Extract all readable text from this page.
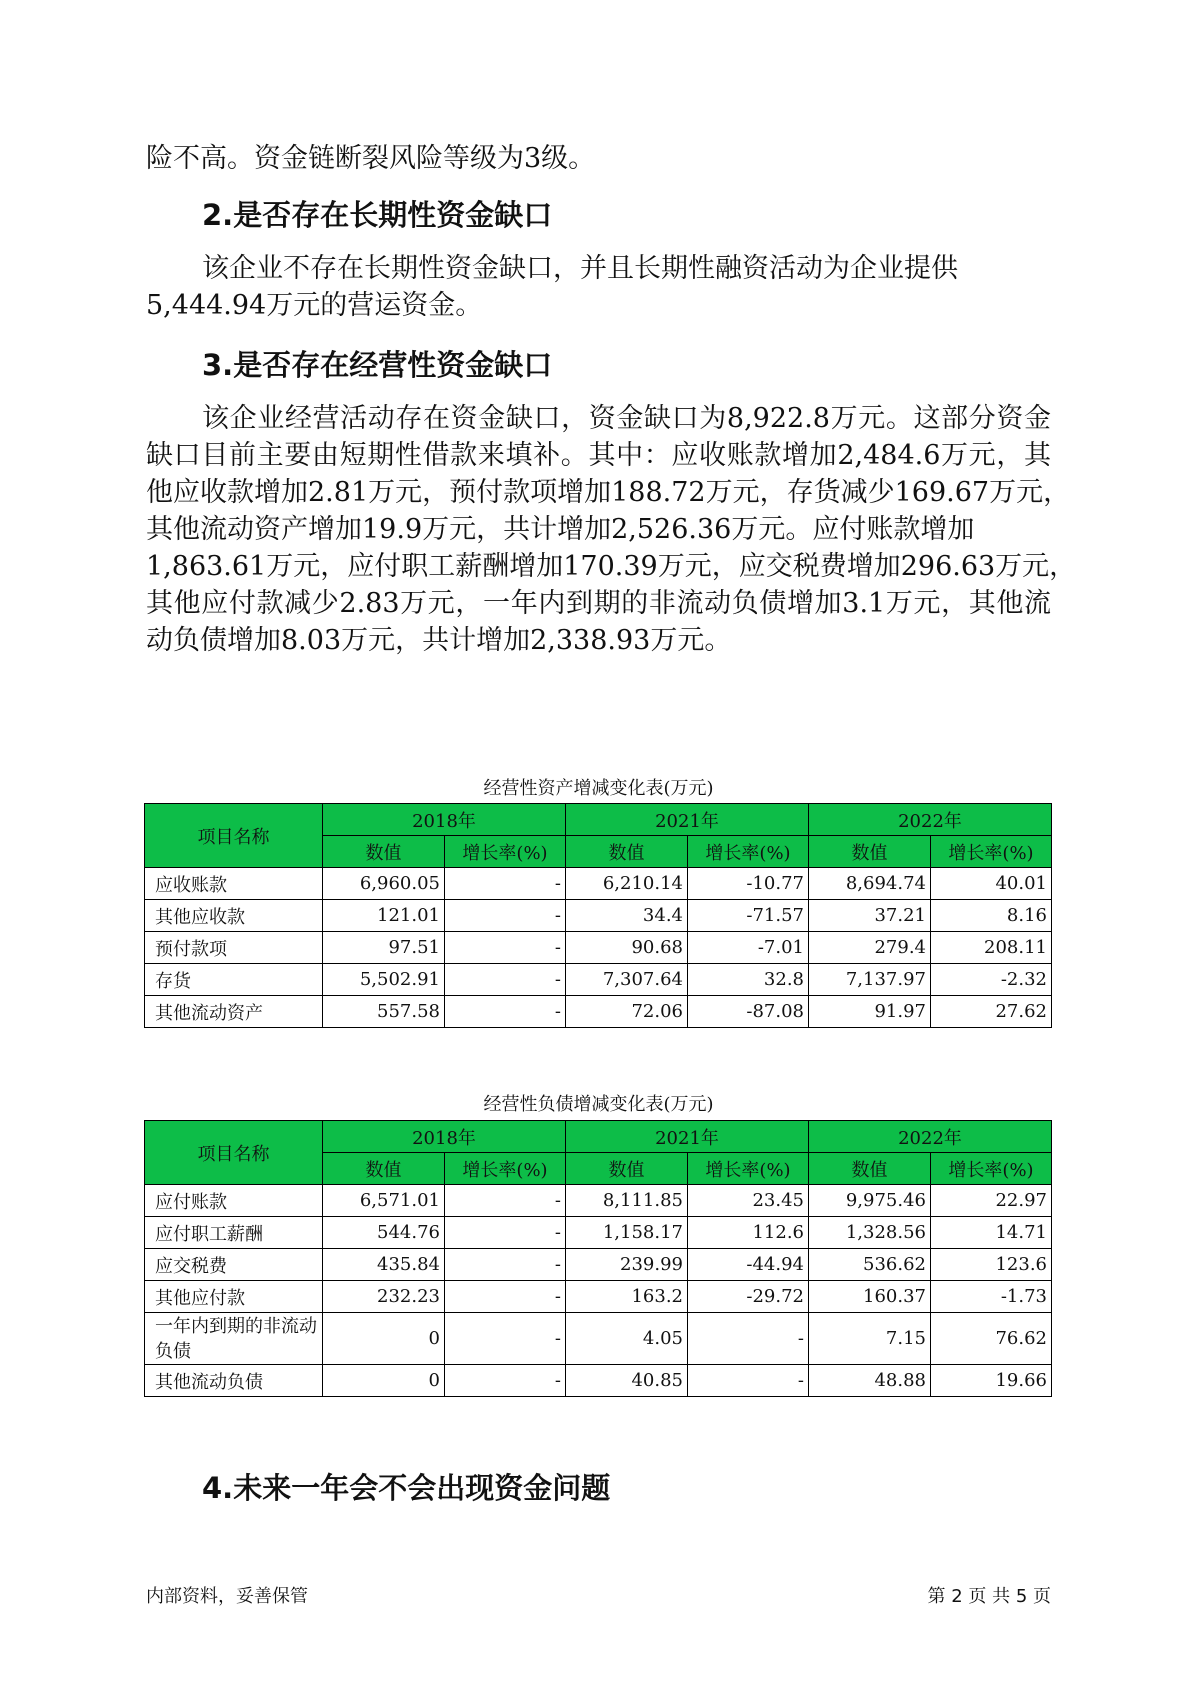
险不高。资金链断裂风险等级为3级。

2.是否存在长期性资金缺口

该企业不存在长期性资金缺口，并且长期性融资活动为企业提供
5,444.94万元的营运资金。

3.是否存在经营性资金缺口

该企业经营活动存在资金缺口，资金缺口为8,922.8万元。这部分资金
缺口目前主要由短期性借款来填补。其中：应收账款增加2,484.6万元，其
他应收款增加2.81万元，预付款项增加188.72万元，存货减少169.67万元，
其他流动资产增加19.9万元，共计增加2,526.36万元。应付账款增加
1,863.61万元，应付职工薪酬增加170.39万元，应交税费增加296.63万元，
其他应付款减少2.83万元，一年内到期的非流动负债增加3.1万元，其他流
动负债增加8.03万元，共计增加2,338.93万元。

经营性资产增减变化表(万元)
项目名称	2018年		2021年		2022年	
	数值	增长率(%)	数值	增长率(%)	数值	增长率(%)
应收账款	6,960.05	-	6,210.14	-10.77	8,694.74	40.01
其他应收款	121.01	-	34.4	-71.57	37.21	8.16
预付款项	97.51	-	90.68	-7.01	279.4	208.11
存货	5,502.91	-	7,307.64	32.8	7,137.97	-2.32
其他流动资产	557.58	-	72.06	-87.08	91.97	27.62
经营性负债增减变化表(万元)
项目名称	2018年		2021年		2022年	
	数值	增长率(%)	数值	增长率(%)	数值	增长率(%)
应付账款	6,571.01	-	8,111.85	23.45	9,975.46	22.97
应付职工薪酬	544.76	-	1,158.17	112.6	1,328.56	14.71
应交税费	435.84	-	239.99	-44.94	536.62	123.6
其他应付款	232.23	-	163.2	-29.72	160.37	-1.73
一年内到期的非流动负债	0	-	4.05	-	7.15	76.62
其他流动负债	0	-	40.85	-	48.88	19.66
4.未来一年会不会出现资金问题
内部资料，妥善保管	第 2 页 共 5 页
